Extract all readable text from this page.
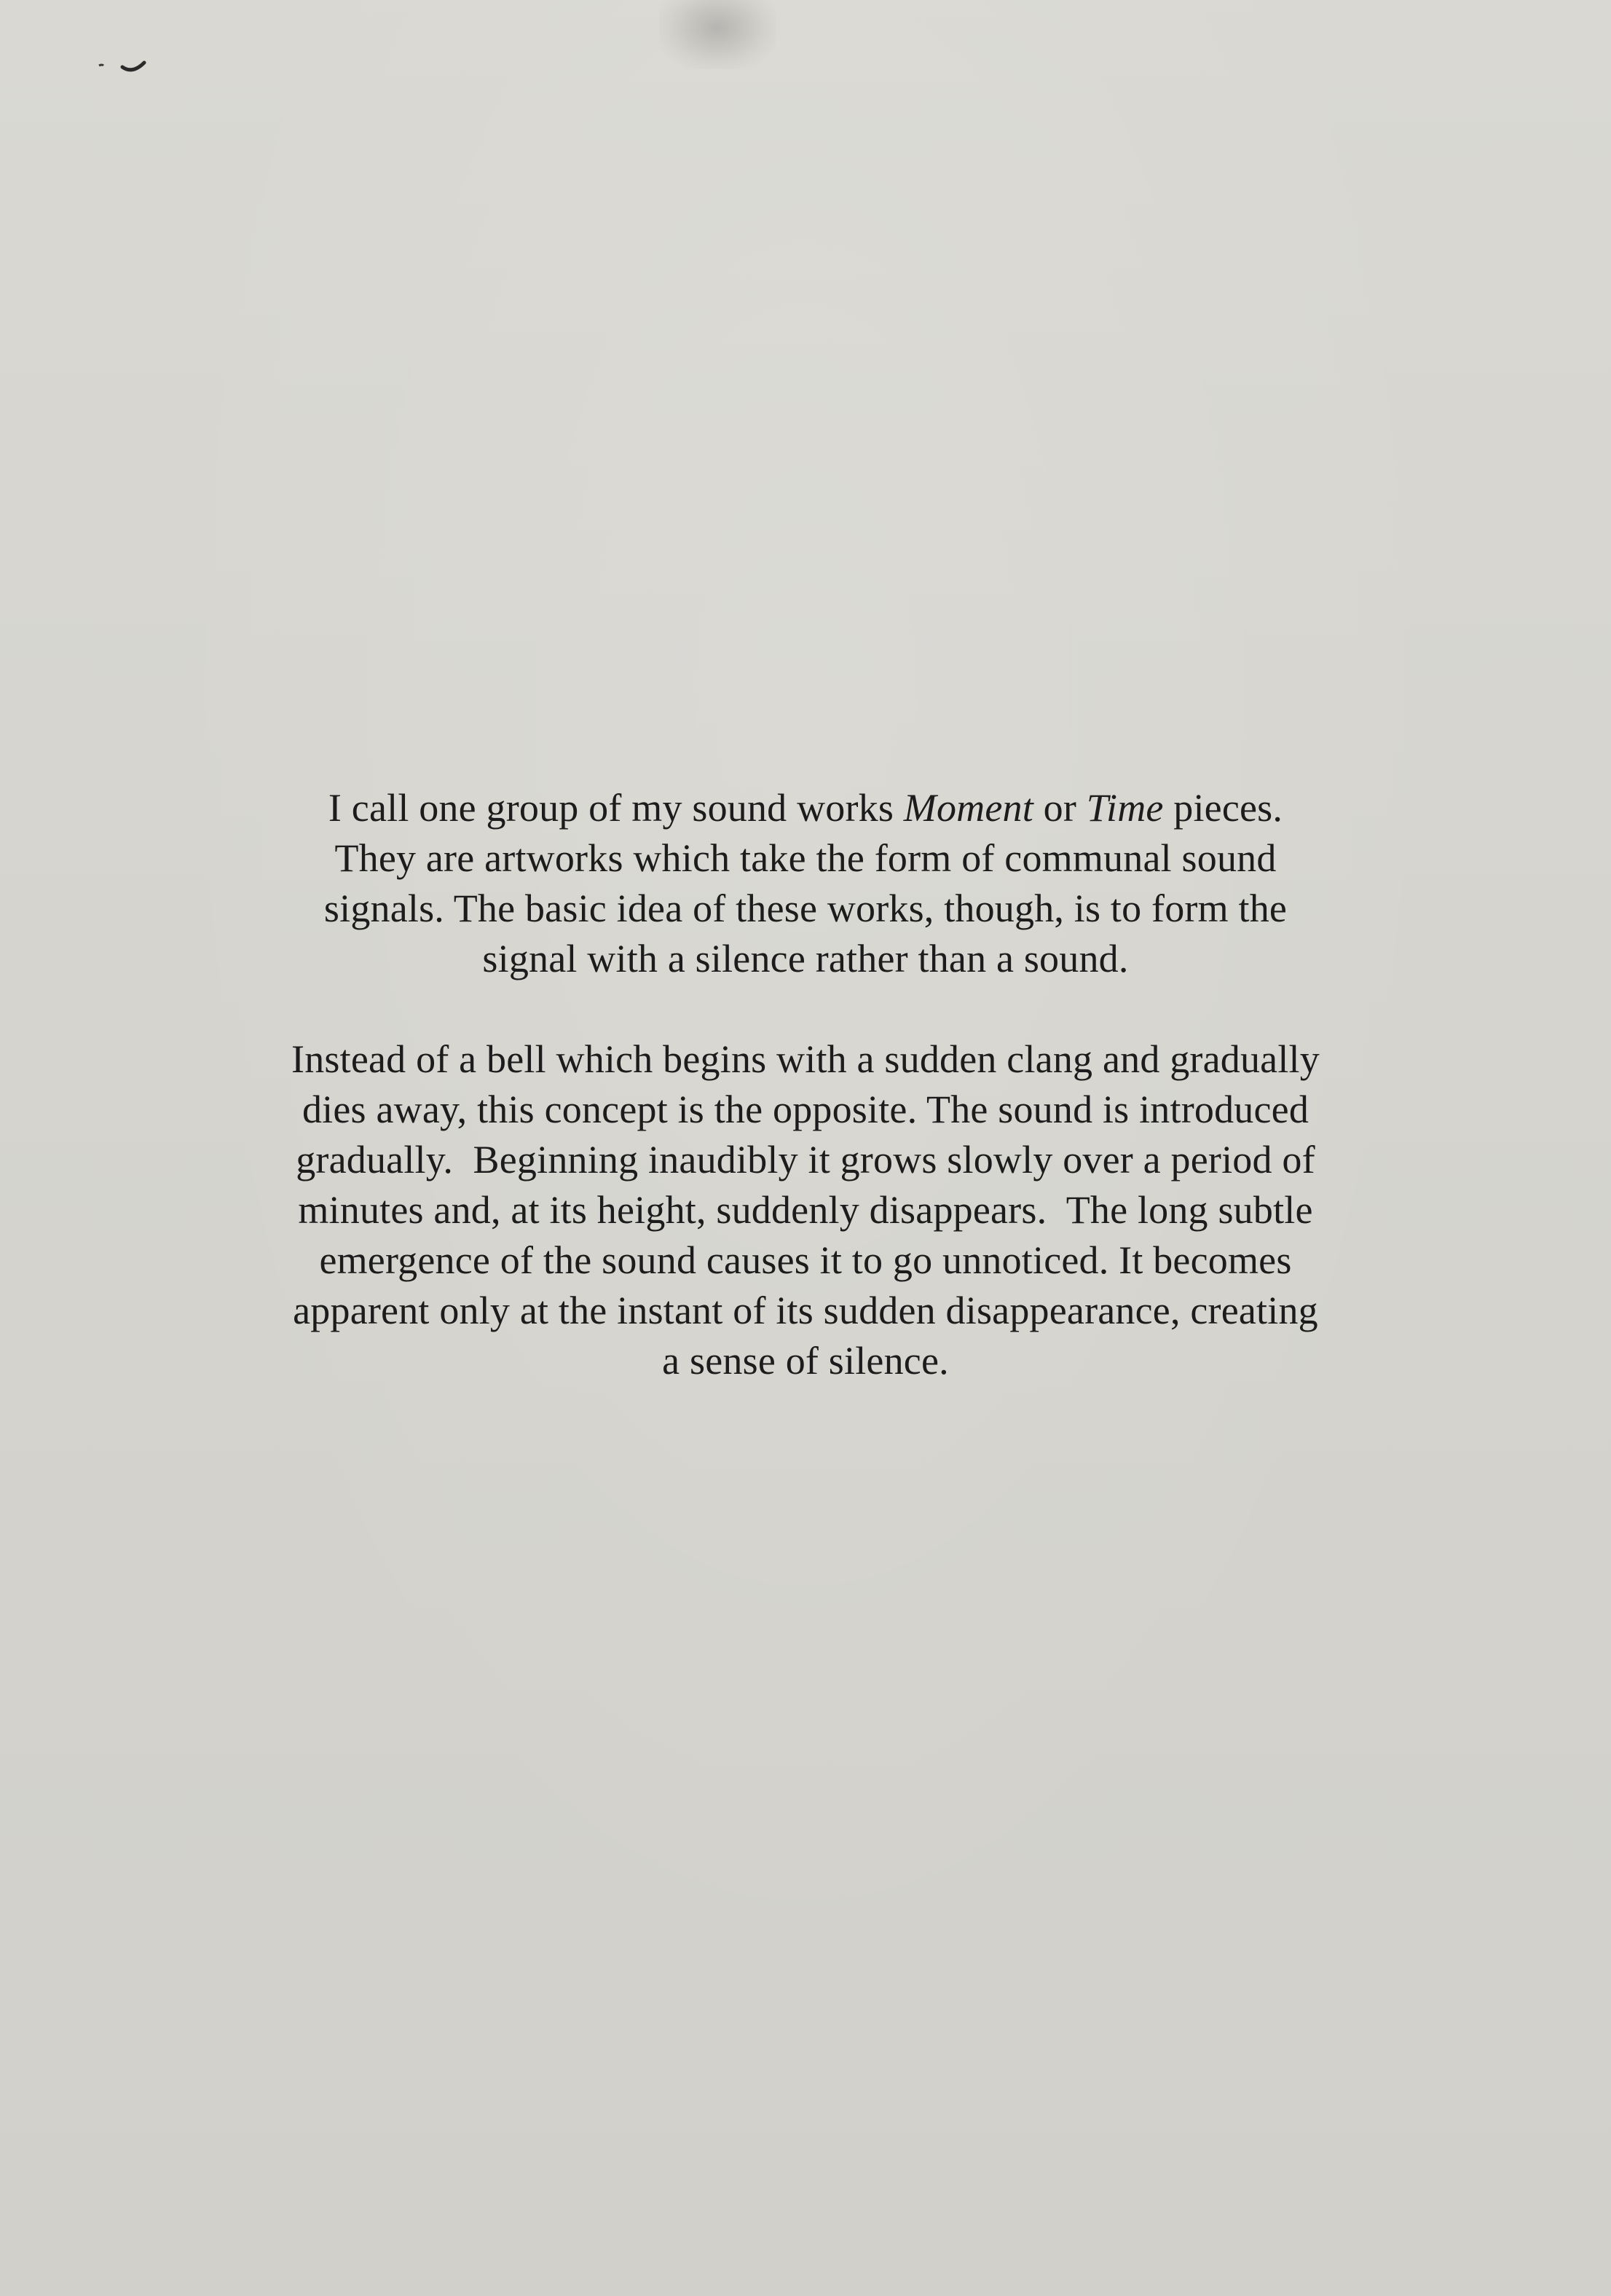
I call one group of my sound works Moment or Time pieces.
They are artworks which take the form of communal sound
signals. The basic idea of these works, though, is to form the
signal with a silence rather than a sound.

Instead of a bell which begins with a sudden clang and gradually
dies away, this concept is the opposite. The sound is introduced
gradually.  Beginning inaudibly it grows slowly over a period of
minutes and, at its height, suddenly disappears.  The long subtle
emergence of the sound causes it to go unnoticed. It becomes
apparent only at the instant of its sudden disappearance, creating
a sense of silence.
